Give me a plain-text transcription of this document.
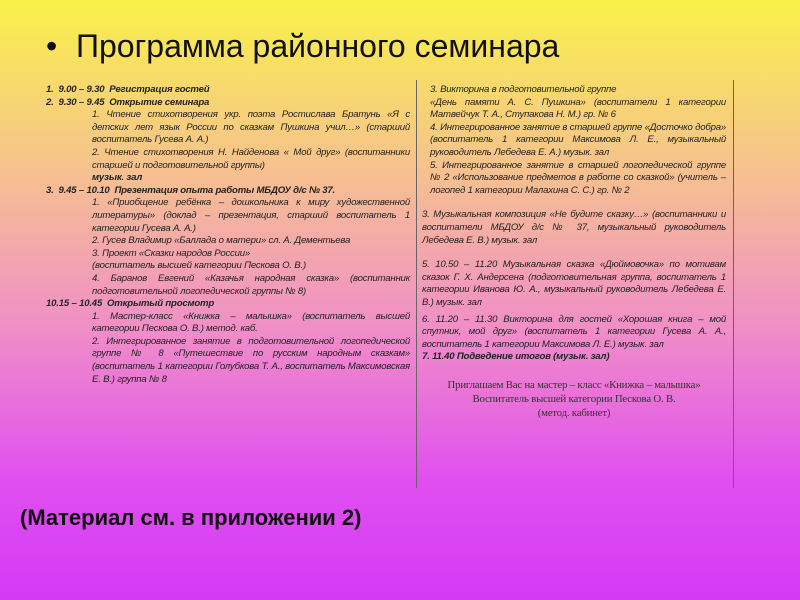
• Программа районного семинара

1. 9.00 – 9.30 Регистрация гостей

2. 9.30 – 9.45 Открытие семинара

1. Чтение стихотворения укр. поэта Ростислава Братунь «Я с детских лет язык России по сказкам Пушкина учил…» (старший воспитатель Гусева А. А.)

2. Чтение стихотворения Н. Найденова « Мой друг» (воспитанники старшей и подготовительной группы)

музык. зал

3. 9.45 – 10.10 Презентация опыта работы МБДОУ д/с № 37.

1. «Приобщение ребёнка – дошкольника к миру художественной литературы» (доклад – презентация, старший воспитатель 1 категории Гусева А. А.)

2. Гусев Владимир «Баллада о матери» сл. А. Дементьева

3. Проект «Сказки народов России»

(воспитатель высшей категории Пескова О. В.)

4. Баранов Евгений «Казачья народная сказка» (воспитанник подготовительной логопедической группы № 8)

10.15 – 10.45 Открытый просмотр

1. Мастер-класс «Книжка – малышка» (воспитатель высшей категории Пескова О. В.) метод. каб.

2. Интегрированное занятие в подготовительной логопедической группе № 8 «Путешествие по русским народным сказкам» (воспитатель 1 категории Голубкова Т. А., воспитатель Максимовская Е. В.) группа № 8

3. Викторина в подготовительной группе

«День памяти А. С. Пушкина» (воспитатели 1 категории Матвейчук Т. А., Ступакова Н. М.) гр. № 6

4. Интегрированное занятие в старшей группе «Досточко добра» (воспитатель 1 категории Максимова Л. Е., музыкальный руководитель Лебедева Е. А.) музык. зал

5. Интегрированное занятие в старшей логопедической группе № 2 «Использование предметов в работе со сказкой» (учитель – логопед 1 категории Малахина С. С.) гр. № 2

3. Музыкальная композиция «Не будите сказку…» (воспитанники и воспитатели МБДОУ д/с № 37, музыкальный руководитель Лебедева Е. В.) музык. зал

5. 10.50 – 11.20 Музыкальная сказка «Дюймовочка» по мотивам сказок Г. Х. Андерсена (подготовительная группа, воспитатель 1 категории Иванова Ю. А., музыкальный руководитель Лебедева Е. В.) музык. зал

6. 11.20 – 11.30 Викторина для гостей «Хорошая книга – мой спутник, мой друг» (воспитатель 1 категории Гусева А. А., воспитатель 1 категории Максимова Л. Е.) музык. зал

7. 11.40 Подведение итогов (музык. зал)

Приглашаем Вас на мастер – класс «Книжка – малышка»
Воспитатель высшей категории Пескова О. В.
(метод. кабинет)
(Материал см. в приложении 2)
